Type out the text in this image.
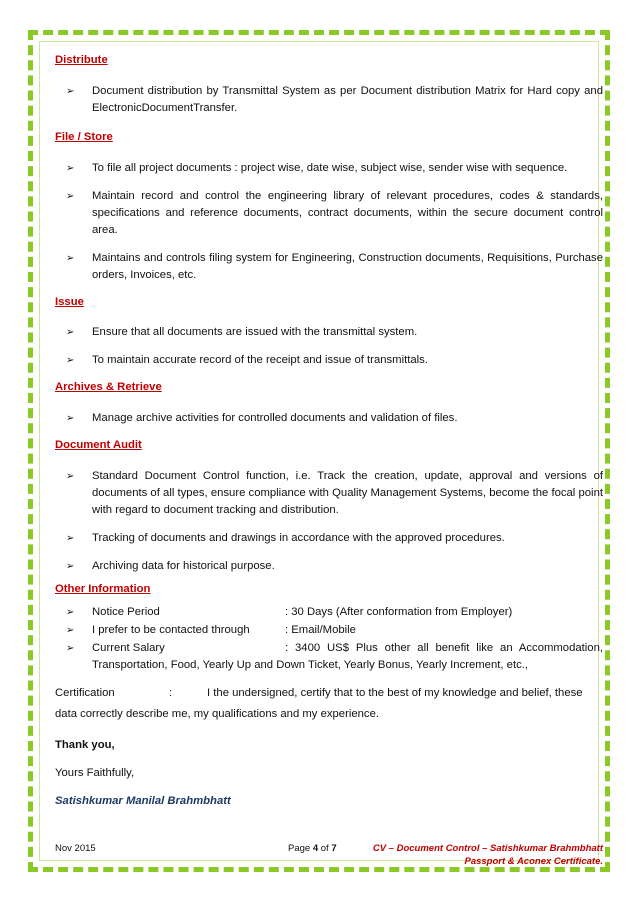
Distribute

➢ Document distribution by Transmittal System as per Document distribution Matrix for Hard copy and ElectronicDocumentTransfer.

File / Store

➢ To file all project documents : project wise, date wise, subject wise, sender wise with sequence.

➢ Maintain record and control the engineering library of relevant procedures, codes & standards, specifications and reference documents, contract documents, within the secure document control area.

➢ Maintains and controls filing system for Engineering, Construction documents, Requisitions, Purchase orders, Invoices, etc.

Issue

➢ Ensure that all documents are issued with the transmittal system.

➢ To maintain accurate record of the receipt and issue of transmittals.

Archives & Retrieve

➢ Manage archive activities for controlled documents and validation of files.

Document Audit

➢ Standard Document Control function, i.e. Track the creation, update, approval and versions of documents of all types, ensure compliance with Quality Management Systems, become the focal point with regard to document tracking and distribution.

➢ Tracking of documents and drawings in accordance with the approved procedures.

➢ Archiving data for historical purpose.

Other Information

➢ Notice Period	: 30 Days (After conformation from Employer)

➢ I prefer to be contacted through	: Email/Mobile

➢ Current Salary	: 3400 US$ Plus other all benefit like an Accommodation, Transportation, Food, Yearly Up and Down Ticket, Yearly Bonus, Yearly Increment, etc.,

Certification	:	I the undersigned, certify that to the best of my knowledge and belief, these data correctly describe me, my qualifications and my experience.

Thank you,

Yours Faithfully,

Satishkumar Manilal Brahmbhatt

Nov 2015	Page 4 of 7	CV – Document Control – Satishkumar Brahmbhatt
Passport & Aconex Certificate.
